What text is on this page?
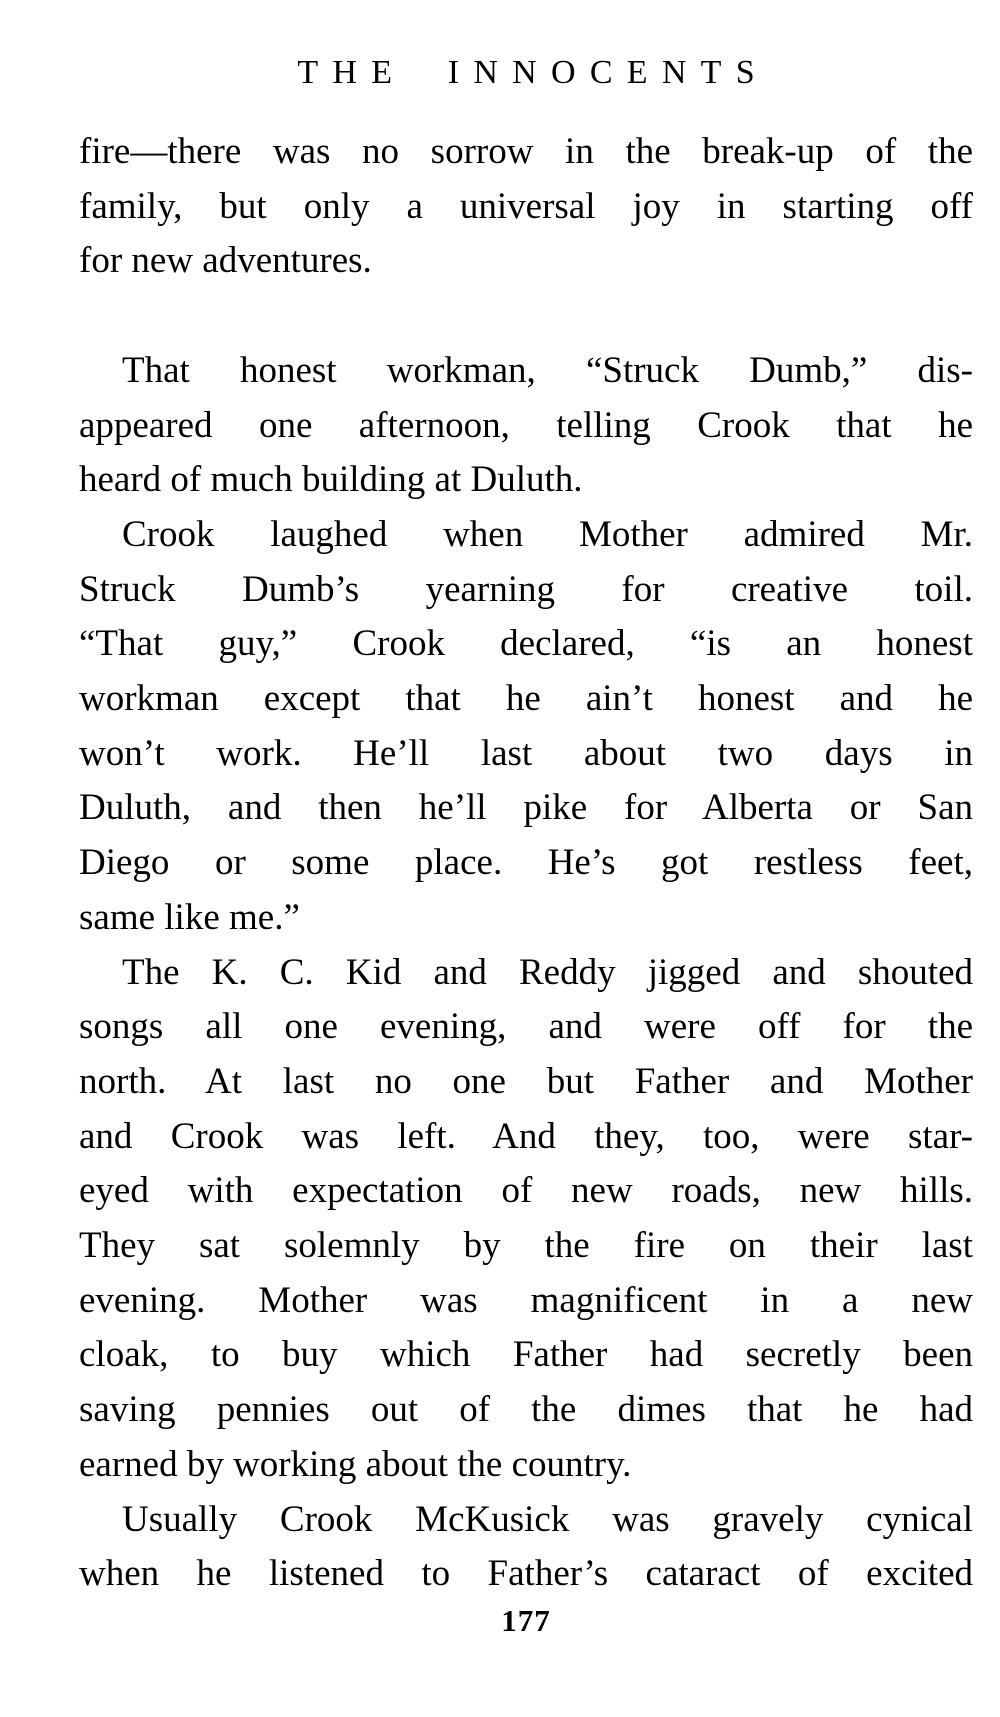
THE INNOCENTS
fire—there was no sorrow in the break-up of the
family, but only a universal joy in starting off
for new adventures.
That honest workman, “Struck Dumb,” dis-
appeared one afternoon, telling Crook that he
heard of much building at Duluth.
Crook laughed when Mother admired Mr.
Struck Dumb’s yearning for creative toil.
“That guy,” Crook declared, “is an honest
workman except that he ain’t honest and he
won’t work. He’ll last about two days in
Duluth, and then he’ll pike for Alberta or San
Diego or some place. He’s got restless feet,
same like me.”
The K. C. Kid and Reddy jigged and shouted
songs all one evening, and were off for the
north. At last no one but Father and Mother
and Crook was left. And they, too, were star-
eyed with expectation of new roads, new hills.
They sat solemnly by the fire on their last
evening. Mother was magnificent in a new
cloak, to buy which Father had secretly been
saving pennies out of the dimes that he had
earned by working about the country.
Usually Crook McKusick was gravely cynical
when he listened to Father’s cataract of excited
177
